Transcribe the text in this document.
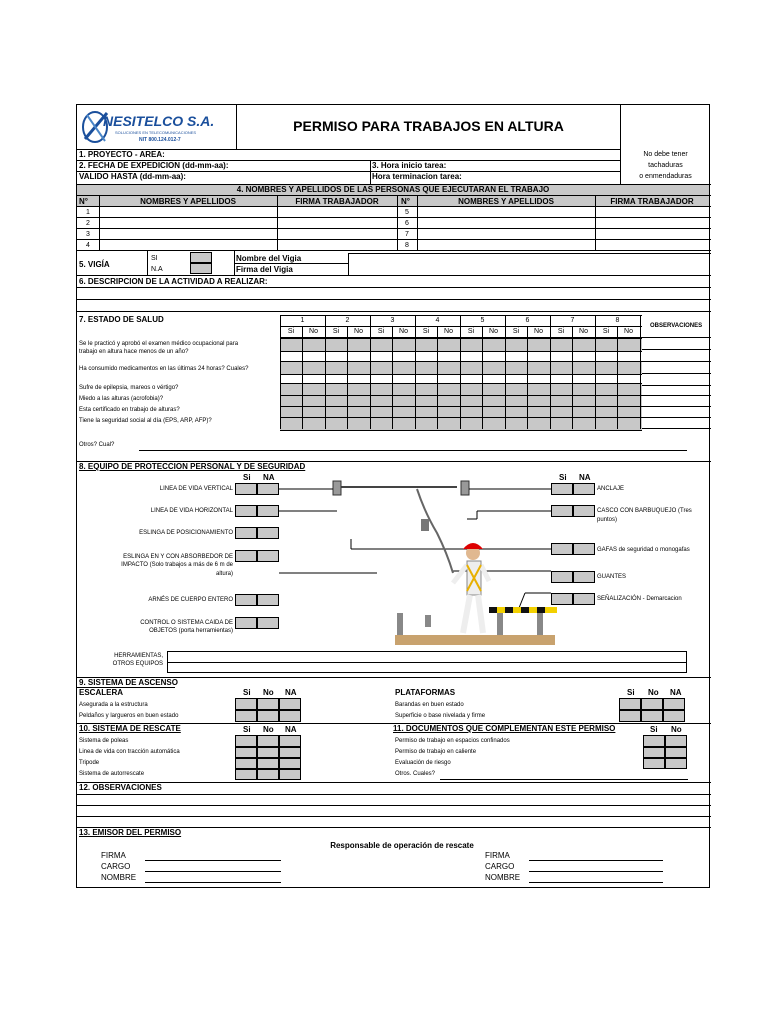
NESITELCO S.A.
SOLUCIONES EN TELECOMUNICACIONES
NIT 800.124.012-7
PERMISO PARA TRABAJOS EN ALTURA
No debe tener
tachaduras
o enmendaduras
1. PROYECTO - AREA:
2. FECHA DE EXPEDICION (dd-mm-aa):	3. Hora inicio tarea:
VALIDO HASTA (dd-mm-aa):	Hora terminacion tarea:
4. NOMBRES Y APELLIDOS DE LAS PERSONAS QUE EJECUTARAN EL TRABAJO
N°	NOMBRES Y APELLIDOS	FIRMA TRABAJADOR	N°	NOMBRES Y APELLIDOS	FIRMA TRABAJADOR
1
2
3
4
5
6
7
8
5. VIGÍA
SI
N.A
Nombre del Vigia
Firma del Vigia
6. DESCRIPCION DE LA ACTIVIDAD A REALIZAR:
7. ESTADO DE SALUD	1	2	3	4	5	6	7	8
Si	No	Si	No	Si	No	Si	No	Si	No	Si	No	Si	No	Si	No
OBSERVACIONES
Se le practicó y aprobó el examen médico ocupacional para
trabajo en altura hace menos de un año?
Ha consumido medicamentos en las últimas 24 horas? Cuales?
Sufre de epilepsia, mareos o vértigo?
Miedo a las alturas (acrofobia)?
Esta certificado en trabajo de alturas?
Tiene la seguridad social al día (EPS, ARP, AFP)?
Otros? Cual?
8. EQUIPO DE PROTECCION PERSONAL Y DE SEGURIDAD
Si NA	Si NA
LINEA DE VIDA VERTICAL
LINEA DE VIDA HORIZONTAL
ESLINGA DE POSICIONAMIENTO
ESLINGA EN Y CON ABSORBEDOR DE
IMPACTO (Solo trabajos a más de 6 m de
altura)
ARNÉS DE CUERPO ENTERO
CONTROL O SISTEMA CAIDA DE
OBJETOS (porta herramientas)
ANCLAJE
CASCO CON BARBUQUEJO (Tres
puntos)
GAFAS de seguridad o monogafas
GUANTES
SEÑALIZACIÓN - Demarcacion
HERRAMIENTAS,
OTROS EQUIPOS
9. SISTEMA DE ASCENSO
ESCALERA	Si No NA
Asegurada a la estructura
Peldaños y largueros en buen estado
PLATAFORMAS	Si No NA
Barandas en buen estado
Superficie o base nivelada y firme
10. SISTEMA DE RESCATE	Si No NA
Sistema de poleas
Linea de vida con tracción automática
Tripode
Sistema de autorrescate
11. DOCUMENTOS QUE COMPLEMENTAN ESTE PERMISO	Si No
Permiso de trabajo en espacios confinados
Permiso de trabajo en caliente
Evaluación de riesgo
Otros. Cuales?
12. OBSERVACIONES
13. EMISOR DEL PERMISO
Responsable de operación de rescate
FIRMA
CARGO
NOMBRE
FIRMA
CARGO
NOMBRE
